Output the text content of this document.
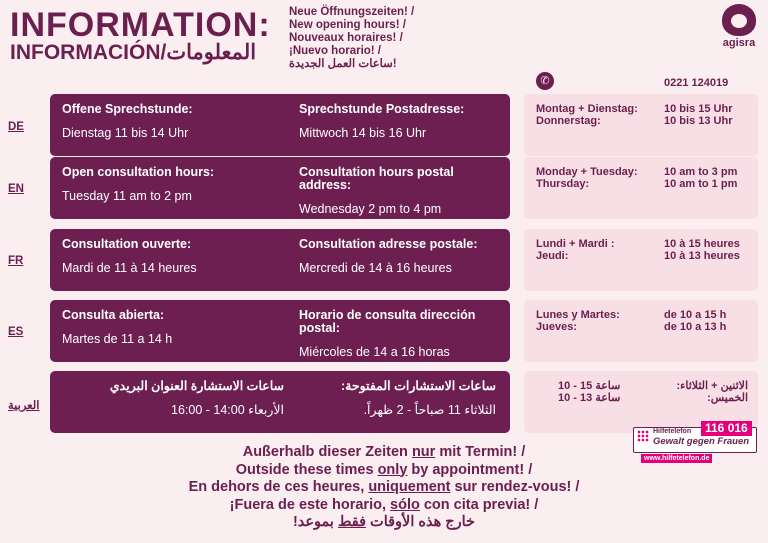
INFORMATION:
INFORMACIÓN/المعلومات
Neue Öffnungszeiten! /
New opening hours! /
Nouveaux horaires! /
¡Nuevo horario! /
!ساعات العمل الجديدة
agisra
✆	0221 124019
DE
Offene Sprechstunde:
Dienstag 11 bis 14 Uhr
Sprechstunde Postadresse:
Mittwoch 14 bis 16 Uhr
Montag + Dienstag:
Donnerstag:
10 bis 15 Uhr
10 bis 13 Uhr
EN
Open consultation hours:
Tuesday 11 am to 2 pm
Consultation hours postal address:
Wednesday 2 pm to 4 pm
Monday + Tuesday:
Thursday:
10 am to 3 pm
10 am to 1 pm
FR
Consultation ouverte:
Mardi de 11 à 14 heures
Consultation adresse postale:
Mercredi de 14 à 16 heures
Lundi + Mardi :
Jeudi:
10 à 15 heures
10 à 13 heures
ES
Consulta abierta:
Martes de 11 a 14 h
Horario de consulta dirección postal:
Miércoles de 14 a 16 horas
Lunes y Martes:
Jueves:
de 10 a 15 h
de 10 a 13 h
العربية
ساعات الاستشارات المفتوحة:
الثلاثاء 11 صباحاً - 2 ظهراً.
ساعات الاستشارة العنوان البريدي
الأربعاء 14:00 - 16:00
الاثنين + الثلاثاء:
الخميس:
10 - 15 ساعة
10 - 13 ساعة
Außerhalb dieser Zeiten nur mit Termin! /
Outside these times only by appointment! /
En dehors de ces heures, uniquement sur rendez-vous! /
¡Fuera de este horario, sólo con cita previa! /
خارج هذه الأوقات فقط بموعد!
Hilfetelefon
Gewalt gegen Frauen
116 016
www.hilfetelefon.de
